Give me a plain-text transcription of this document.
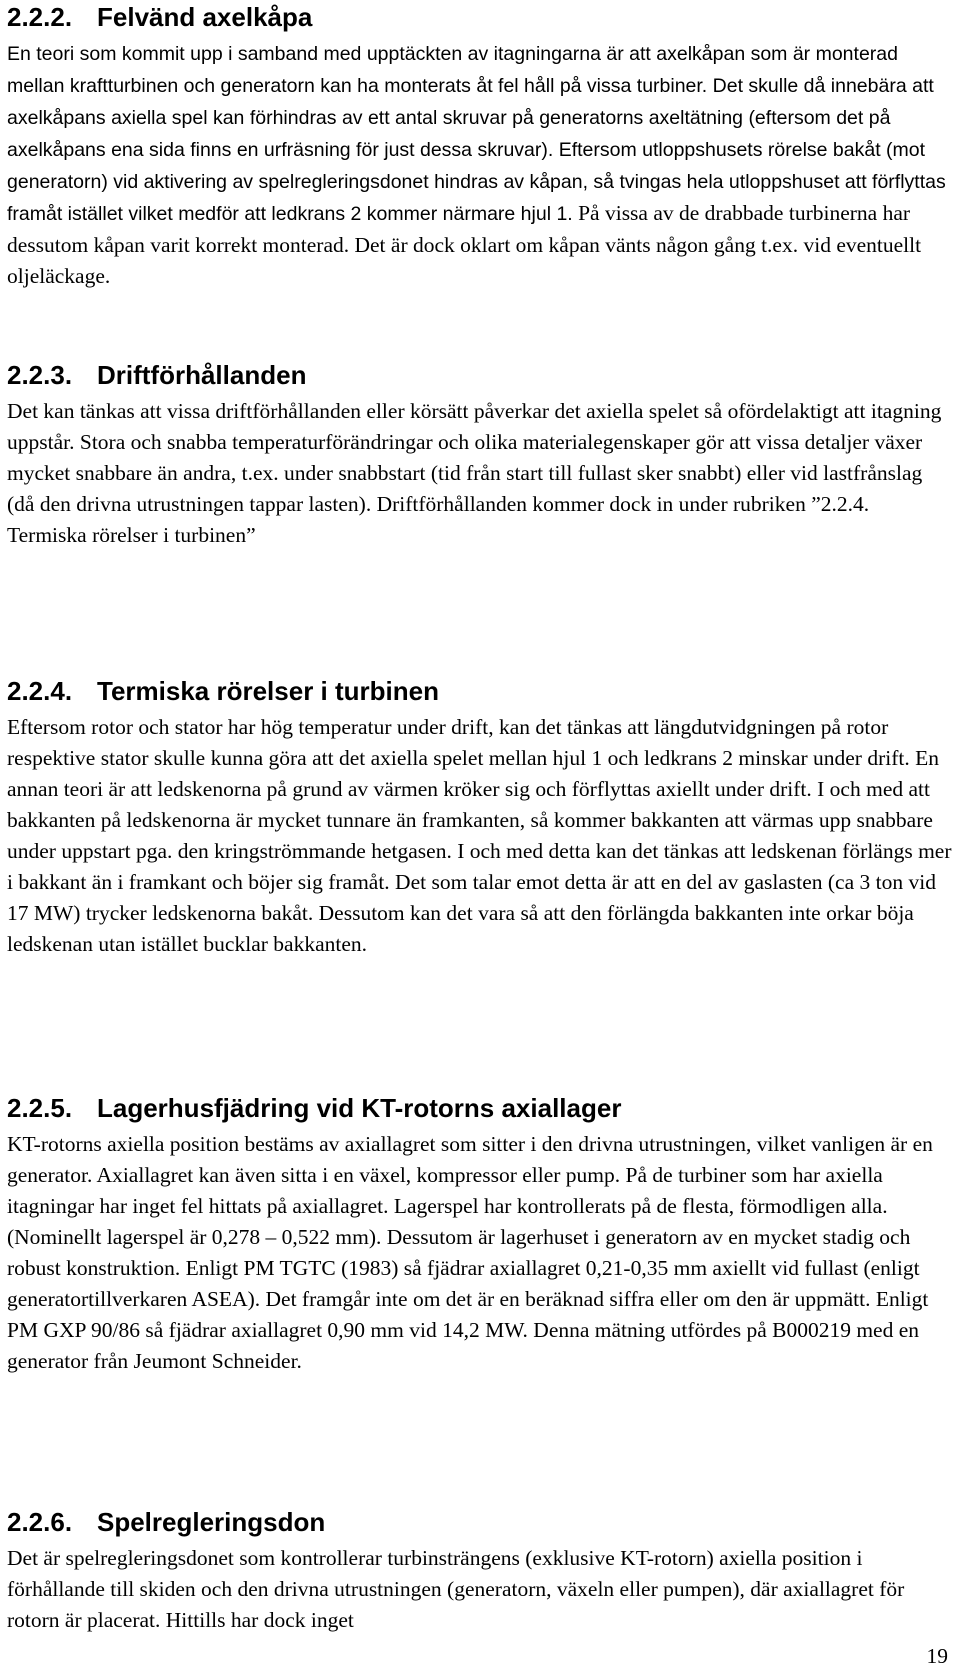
2.2.2. Felvänd axelkåpa

En teori som kommit upp i samband med upptäckten av itagningarna är att axelkåpan som är monterad mellan kraftturbinen och generatorn kan ha monterats åt fel håll på vissa turbiner. Det skulle då innebära att axelkåpans axiella spel kan förhindras av ett antal skruvar på generatorns axeltätning (eftersom det på axelkåpans ena sida finns en urfräsning för just dessa skruvar). Eftersom utloppshusets rörelse bakåt (mot generatorn) vid aktivering av spelregleringsdonet hindras av kåpan, så tvingas hela utloppshuset att förflyttas framåt istället vilket medför att ledkrans 2 kommer närmare hjul 1. På vissa av de drabbade turbinerna har dessutom kåpan varit korrekt monterad. Det är dock oklart om kåpan vänts någon gång t.ex. vid eventuellt oljeläckage.

2.2.3. Driftförhållanden

Det kan tänkas att vissa driftförhållanden eller körsätt påverkar det axiella spelet så ofördelaktigt att itagning uppstår. Stora och snabba temperaturförändringar och olika materialegenskaper gör att vissa detaljer växer mycket snabbare än andra, t.ex. under snabbstart (tid från start till fullast sker snabbt) eller vid lastfrånslag (då den drivna utrustningen tappar lasten). Driftförhållanden kommer dock in under rubriken ”2.2.4. Termiska rörelser i turbinen”

2.2.4. Termiska rörelser i turbinen

Eftersom rotor och stator har hög temperatur under drift, kan det tänkas att längdutvidgningen på rotor respektive stator skulle kunna göra att det axiella spelet mellan hjul 1 och ledkrans 2 minskar under drift. En annan teori är att ledskenorna på grund av värmen kröker sig och förflyttas axiellt under drift. I och med att bakkanten på ledskenorna är mycket tunnare än framkanten, så kommer bakkanten att värmas upp snabbare under uppstart pga. den kringströmmande hetgasen. I och med detta kan det tänkas att ledskenan förlängs mer i bakkant än i framkant och böjer sig framåt. Det som talar emot detta är att en del av gaslasten (ca 3 ton vid 17 MW) trycker ledskenorna bakåt. Dessutom kan det vara så att den förlängda bakkanten inte orkar böja ledskenan utan istället bucklar bakkanten.

2.2.5. Lagerhusfjädring vid KT-rotorns axiallager

KT-rotorns axiella position bestäms av axiallagret som sitter i den drivna utrustningen, vilket vanligen är en generator. Axiallagret kan även sitta i en växel, kompressor eller pump. På de turbiner som har axiella itagningar har inget fel hittats på axiallagret. Lagerspel har kontrollerats på de flesta, förmodligen alla. (Nominellt lagerspel är 0,278 – 0,522 mm). Dessutom är lagerhuset i generatorn av en mycket stadig och robust konstruktion. Enligt PM TGTC (1983) så fjädrar axiallagret 0,21-0,35 mm axiellt vid fullast (enligt generatortillverkaren ASEA). Det framgår inte om det är en beräknad siffra eller om den är uppmätt. Enligt PM GXP 90/86 så fjädrar axiallagret 0,90 mm vid 14,2 MW. Denna mätning utfördes på B000219 med en generator från Jeumont Schneider.

2.2.6. Spelregleringsdon

Det är spelregleringsdonet som kontrollerar turbinsträngens (exklusive KT-rotorn) axiella position i förhållande till skiden och den drivna utrustningen (generatorn, växeln eller pumpen), där axiallagret för rotorn är placerat. Hittills har dock inget

19
